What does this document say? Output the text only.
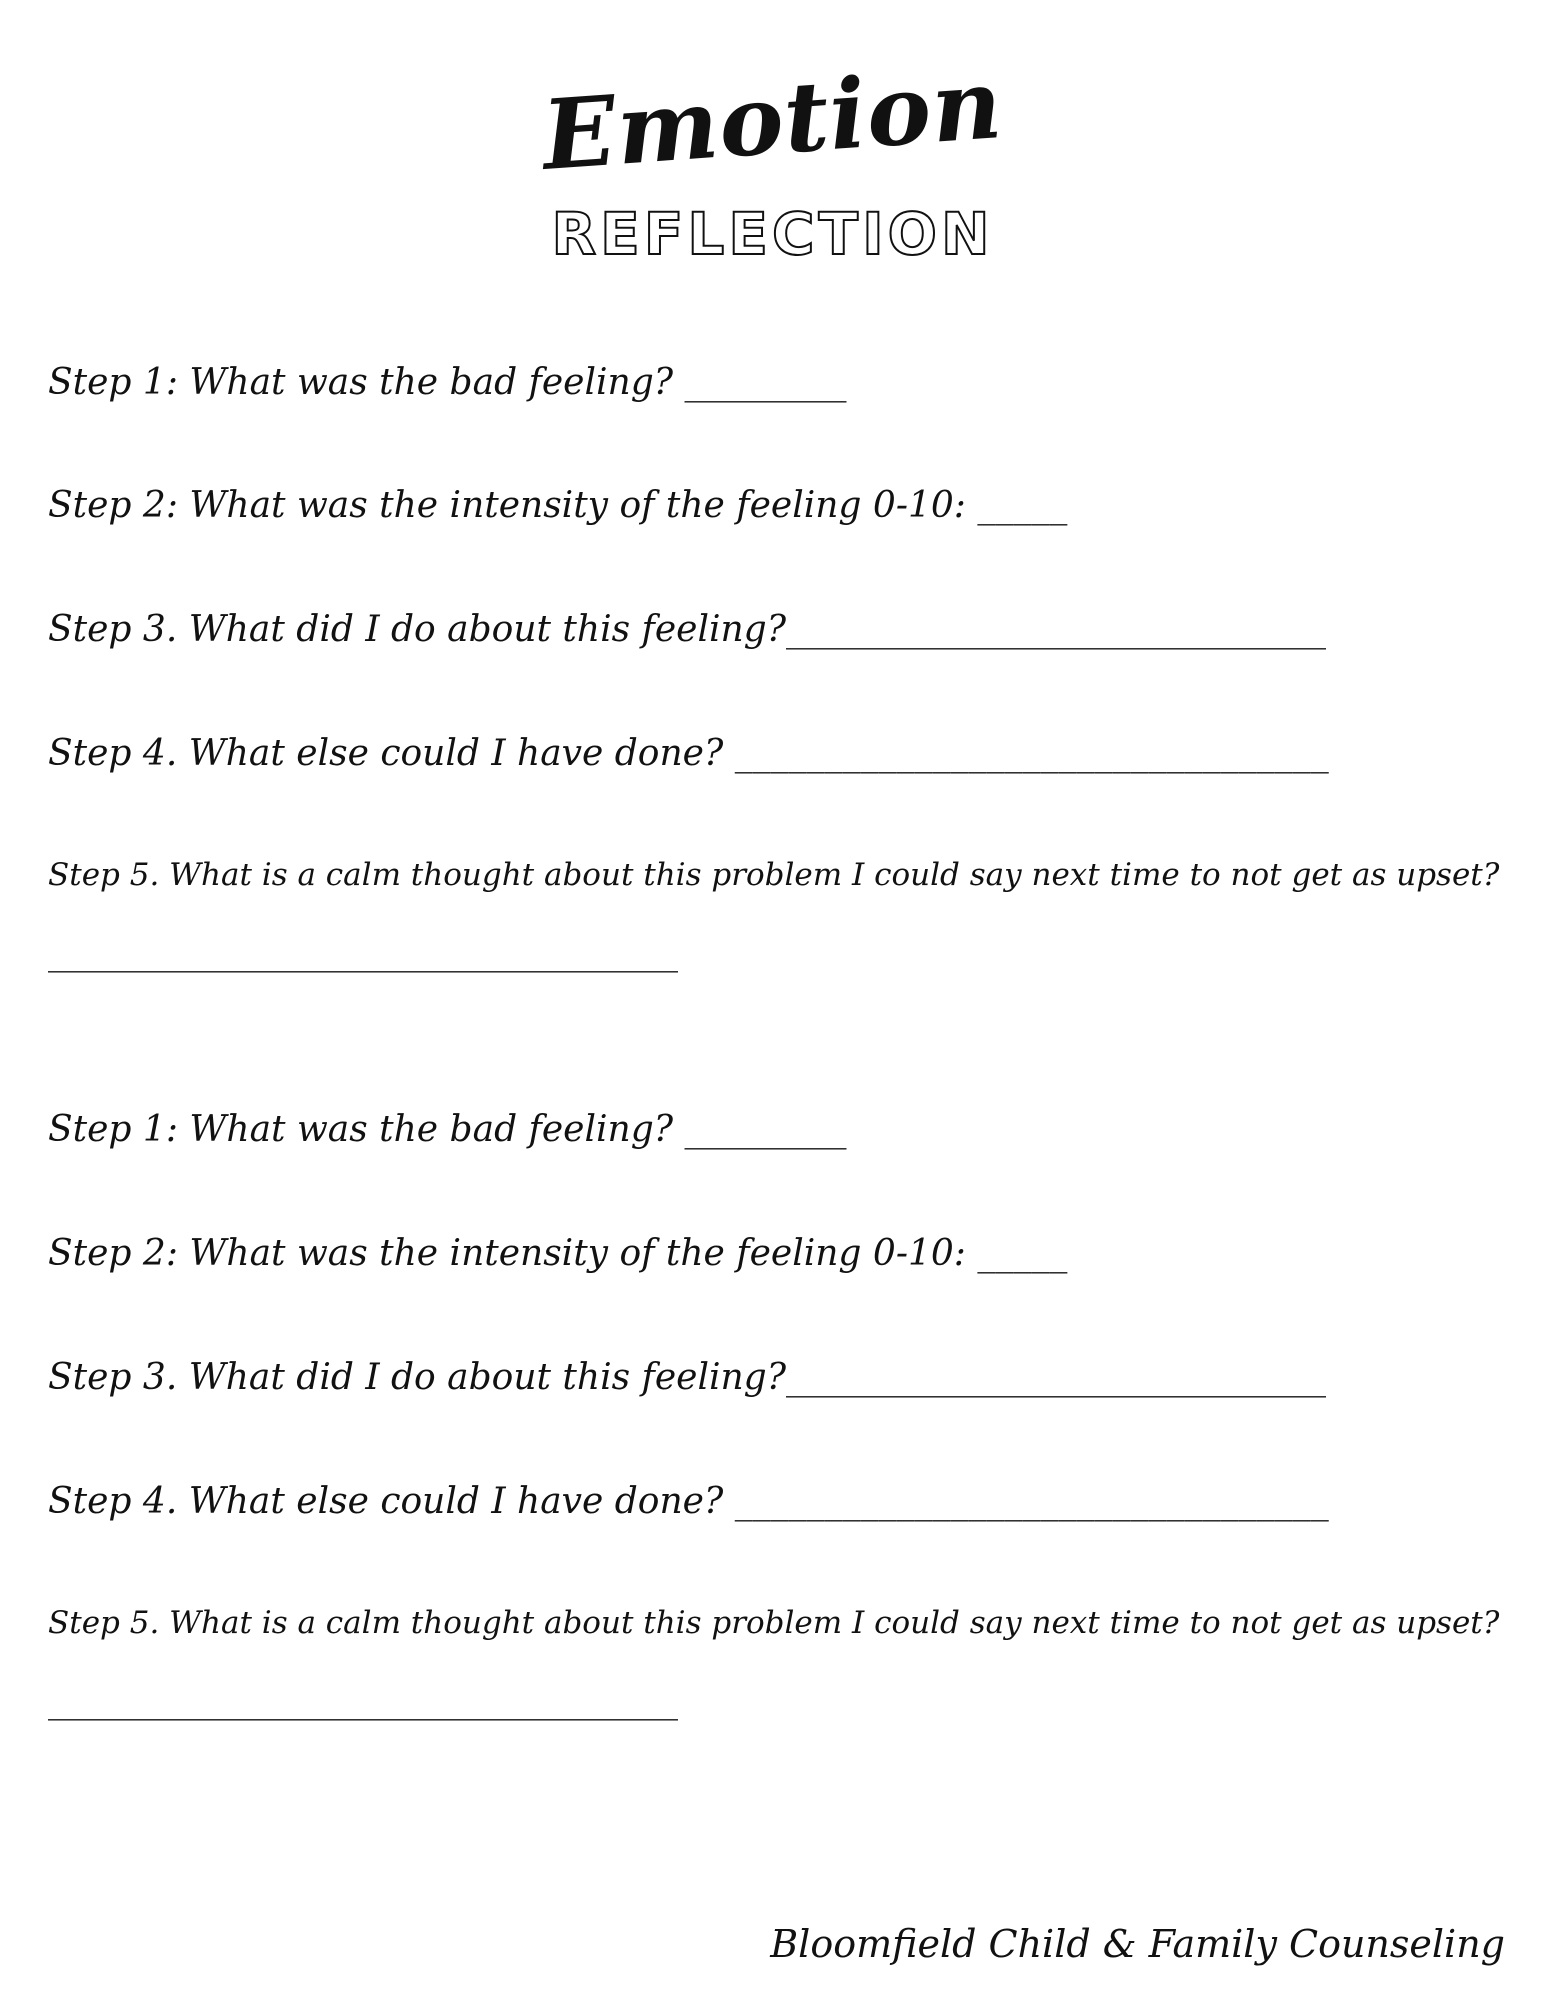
Emotion
REFLECTION
Step 1: What was the bad feeling? _________
Step 2: What was the intensity of the feeling 0-10: _____
Step 3. What did I do about this feeling?______________________________
Step 4. What else could I have done? _________________________________
Step 5. What is a calm thought about this problem I could say next time to not get as upset?
___________________________________
Step 1: What was the bad feeling? _________
Step 2: What was the intensity of the feeling 0-10: _____
Step 3. What did I do about this feeling?______________________________
Step 4. What else could I have done? _________________________________
Step 5. What is a calm thought about this problem I could say next time to not get as upset?
___________________________________
Bloomfield Child & Family Counseling
